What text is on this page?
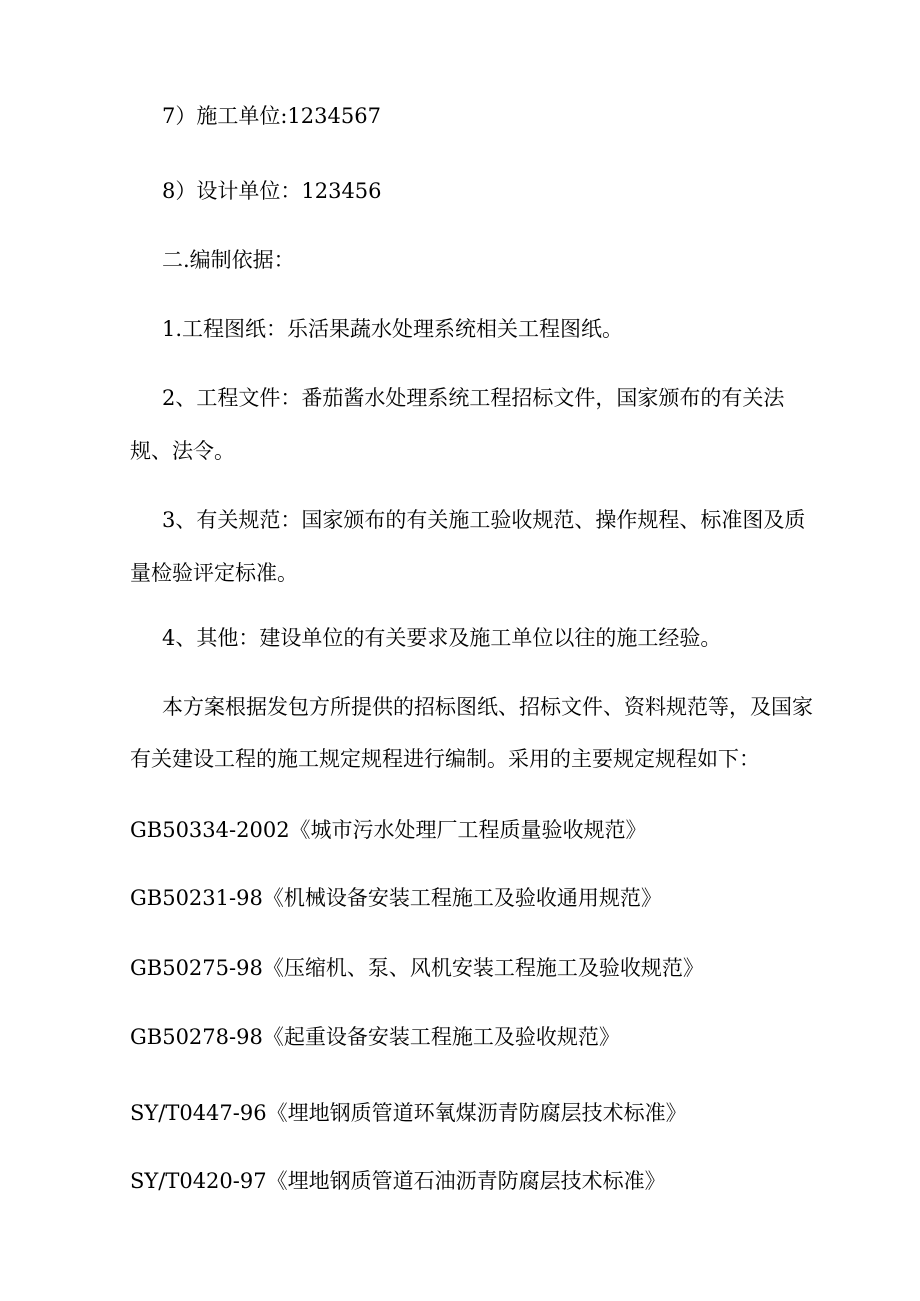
7）施工单位:1234567
8）设计单位：123456
二.编制依据：
1.工程图纸：乐活果蔬水处理系统相关工程图纸。
2、工程文件：番茄酱水处理系统工程招标文件，国家颁布的有关法
规、法令。
3、有关规范：国家颁布的有关施工验收规范、操作规程、标准图及质
量检验评定标准。
4、其他：建设单位的有关要求及施工单位以往的施工经验。
本方案根据发包方所提供的招标图纸、招标文件、资料规范等，及国家
有关建设工程的施工规定规程进行编制。采用的主要规定规程如下：
GB50334-2002《城市污水处理厂工程质量验收规范》
GB50231-98《机械设备安装工程施工及验收通用规范》
GB50275-98《压缩机、泵、风机安装工程施工及验收规范》
GB50278-98《起重设备安装工程施工及验收规范》
SY/T0447-96《埋地钢质管道环氧煤沥青防腐层技术标准》
SY/T0420-97《埋地钢质管道石油沥青防腐层技术标准》
